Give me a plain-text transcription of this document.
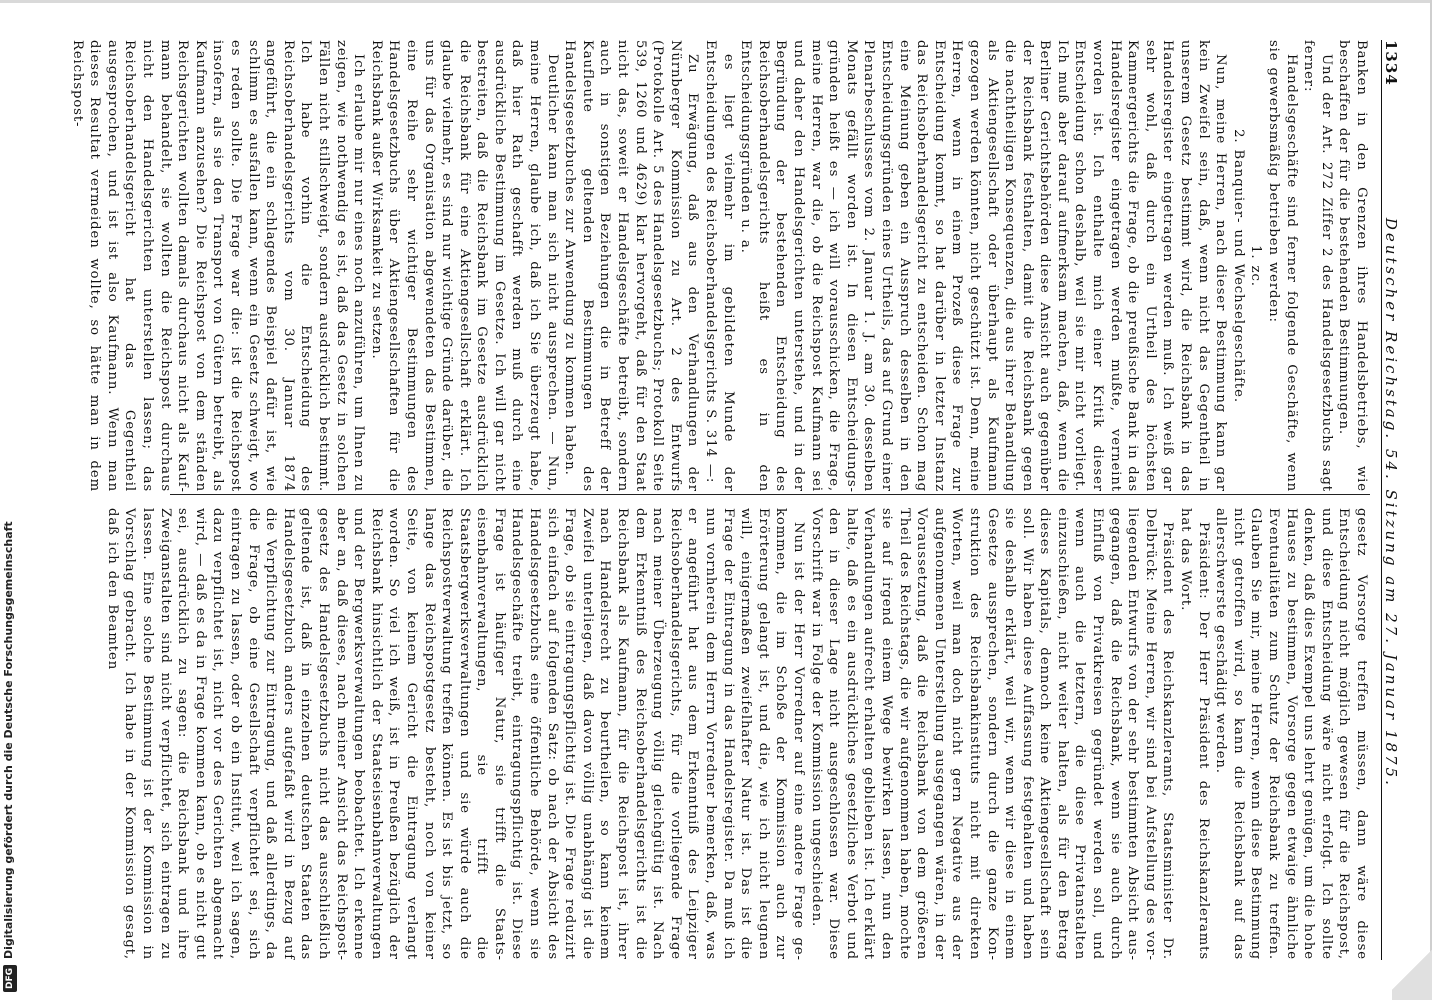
DFGDigitalisierung gefördert durch die Deutsche Forschungsgemeinschaft
1334
Deutscher Reichstag. 54. Sitzung am 27. Januar 1875.

Banken in den Grenzen ihres Handelsbetriebs, wie beschaffen der für die bestehenden Bestimmungen.

Und der Art. 272 Ziffer 2 des Handelsgesetzbuchs sagt ferner:

Handelsgeschäfte sind ferner folgende Geschäfte, wenn sie gewerbsmäßig betrieben werden:

1. zc.

2. Banquier- und Wechselgeschäfte.

Nun, meine Herren, nach dieser Bestimmung kann gar kein Zweifel sein, daß, wenn nicht das Gegentheil in unserem Gesetz bestimmt wird, die Reichsbank in das Handelsregister eingetragen werden muß. Ich weiß gar sehr wohl, daß durch ein Urtheil des höchsten Kammergerichts die Frage, ob die preußische Bank in das Handelsregister eingetragen werden mußte, verneint worden ist. Ich enthalte mich einer Kritik dieser Entscheidung schon deshalb, weil sie mir nicht vorliegt. Ich muß aber darauf aufmerksam machen, daß, wenn die Berliner Gerichtsbehörden diese Ansicht auch gegenüber der Reichsbank festhalten, damit die Reichsbank gegen die nachtheiligen Konsequenzen, die aus ihrer Behandlung als Aktiengesellschaft oder überhaupt als Kaufmann gezogen werden könnten, nicht geschützt ist. Denn, meine Herren, wenn in einem Prozeß diese Frage zur Entscheidung kommt, so hat darüber in letzter Instanz das Reichsoberhandelsgericht zu entscheiden. Schon mag eine Meinung geben ein Ausspruch desselben in den Entscheidungsgründen eines Urtheils, das auf Grund einer Plenarbeschlusses vom 2. Januar 1. J. am 30. desselben Monats gefällt worden ist. In diesen Entscheidungsgründen heißt es — ich will vorausschicken, die Frage, meine Herren, war die, ob die Reichspost Kaufmann sei und daher den Handelsgerichten unterstehe, und in der Begründung der bestehenden Entscheidung des Reichsoberhandelsgerichts heißt es in den Entscheidungsgründen u. a.

es liegt vielmehr im gebildeten Munde der Entscheidungen des Reichsoberhandelsgerichts S. 314 —:

Zu Erwägung, daß aus den Verhandlungen der Nürnberger Kommission zu Art. 2 des Entwurfs (Protokolle Art. 5 des Handelsgesetzbuchs; Protokoll Seite 539, 1260 und 4629) klar hervorgeht, daß für den Staat nicht das, soweit er Handelsgeschäfte betreibt, sondern auch in sonstigen Beziehungen die in Betreff der Kaufleute geltenden Bestimmungen des Handelsgesetzbuches zur Anwendung zu kommen haben.

Deutlicher kann man sich nicht aussprechen. — Nun, meine Herren, glaube ich, daß ich Sie überzeugt habe, daß hier Rath geschafft werden muß durch eine ausdrückliche Bestimmung im Gesetze. Ich will gar nicht bestreiten, daß die Reichsbank im Gesetze ausdrücklich die Reichsbank für eine Aktiengesellschaft erklärt. Ich glaube vielmehr, es sind nur wichtige Gründe darüber, die uns für das Organisation abgewendeten das Bestimmen, eine Reihe sehr wichtiger Bestimmungen des Handelsgesetzbuchs über Aktiengesellschaften für die Reichsbank außer Wirksamkeit zu setzen.

Ich erlaube mir nur eines noch anzuführen, um Ihnen zu zeigen, wie nothwendig es ist, daß das Gesetz in solchen Fällen nicht stillschweigt, sondern ausdrücklich bestimmt. Ich habe vorhin die Entscheidung des Reichsoberhandelsgerichts vom 30. Januar 1874 angeführt, die ein schlagendes Beispiel dafür ist, wie schlimm es ausfallen kann, wenn ein Gesetz schweigt, wo es reden sollte. Die Frage war die: ist die Reichspost insofern, als sie den Transport von Gütern betreibt, als Kaufmann anzusehen? Die Reichspost von dem ständen Reichsgerichten wollten damals durchaus nicht als Kaufmann behandelt, sie wollten die Reichspost durchaus nicht den Handelsgerichten unterstellen lassen; das Reichsoberhandelsgericht hat das Gegentheil ausgesprochen, und ist ist also Kaufmann. Wenn man dieses Resultat vermeiden wollte, so hätte man in dem Reichspost-

gesetz Vorsorge treffen müssen, dann wäre diese Entscheidung nicht möglich gewesen für die Reichspost, und diese Entscheidung wäre nicht erfolgt. Ich sollte denken, daß dies Exempel uns lehrt genügen, um die hohe Hauses zu bestimmen, Vorsorge gegen etwaige ähnliche Eventualitäten zum Schutz der Reichsbank zu treffen. Glauben Sie mir, meine Herren, wenn diese Bestimmung nicht getroffen wird, so kann die Reichsbank auf das allerschwerste geschädigt werden.

Präsident: Der Herr Präsident des Reichskanzleramts hat das Wort.

Präsident des Reichskanzleramts, Staatsminister Dr. Delbrück: Meine Herren, wir sind bei Aufstellung des vorliegenden Entwurfs von der sehr bestimmten Absicht ausgegangen, daß die Reichsbank, wenn sie auch durch Einfluß von Privatkreisen gegründet werden soll, und wenn auch die letztern, die diese Privatanstalten einzuschießen, nicht weiter halten, als für den Betrag dieses Kapitals, dennoch keine Aktiengesellschaft sein soll. Wir haben diese Auffassung festgehalten und haben sie deshalb erklärt, weil wir, wenn wir diese in einem Gesetze aussprechen, sondern durch die ganze Konstruktion des Reichsbankinstituts nicht mit direkten Worten, weil man doch nicht gern Negative aus der aufgenommenen Unterstellung ausgegangen wären, in der Voraussetzung, daß die Reichsbank von dem größeren Theil des Reichstags, die wir aufgenommen haben, mochte sie auf irgend einem Wege bewirken lassen, nun den Verhandlungen aufrecht erhalten geblieben ist. Ich erklärt halte, daß es ein ausdrückliches gesetzliches Verbot und den in dieser Lage nicht ausgeschlossen war. Diese Vorschrift war in Folge der Kommission ungeschieden.

Nun ist der Herr Vorredner auf eine andere Frage gekommen, die im Schoße der Kommission auch zur Erörterung gelangt ist, und die, wie ich nicht leugnen will, einigermaßen zweifelhafter Natur ist. Das ist die Frage der Eintragung in das Handelsregister. Da muß ich nun vornherein dem Herrn Vorredner bemerken, daß, was er angeführt hat aus dem Erkenntniß des Leipziger Reichsoberhandelsgerichts, für die vorliegende Frage nach meiner Überzeugung völlig gleichgültig ist. Nach dem Erkenntniß des Reichsoberhandelsgerichts ist die Reichsbank als Kaufmann, für die Reichspost ist, ihrer nach Handelsrecht zu beurtheilen, so kann keinem Zweifel unterliegen, daß davon völlig unabhängig ist die Frage, ob sie eintragungspflichtig ist. Die Frage reduzirt sich einfach auf folgenden Satz: ob nach der Absicht des Handelsgesetzbuchs eine öffentliche Behörde, wenn sie Handelsgeschäfte treibt, eintragungspflichtig ist. Diese Frage ist häufiger Natur, sie trifft die Staatseisenbahnverwaltungen, sie trifft die Staatsbergwerksverwaltungen und sie würde auch die Reichspostverwaltung treffen können. Es ist bis jetzt, so lange das Reichspostgesetz besteht, noch von keiner Seite, von keinem Gericht die Eintragung verlangt worden. So viel ich weiß, ist in Preußen bezüglich der Reichsbank hinsichtlich der Staatseisenbahnverwaltungen und der Bergwerksverwaltungen beobachtet. Ich erkenne aber an, daß dieses, nach meiner Ansicht das Reichspostgesetz des Handelsgesetzbuchs nicht das ausschließlich geltende ist, daß in einzelnen deutschen Staaten das Handelsgesetzbuch anders aufgefaßt wird in Bezug auf die Verpflichtung zur Eintragung, und daß allerdings, da die Frage, ob eine Gesellschaft verpflichtet sei, sich eintragen zu lassen, oder ob ein Institut, weil ich sagen, dazu verpflichtet ist, nicht vor des Gerichten abgemacht wird, — daß es da in Frage kommen kann, ob es nicht gut sei, ausdrücklich zu sagen: die Reichsbank und ihre Zweiganstalten sind nicht verpflichtet, sich eintragen zu lassen. Eine solche Bestimmung ist der Kommission in Vorschlag gebracht. Ich habe in der Kommission gesagt, daß ich den Beamten
